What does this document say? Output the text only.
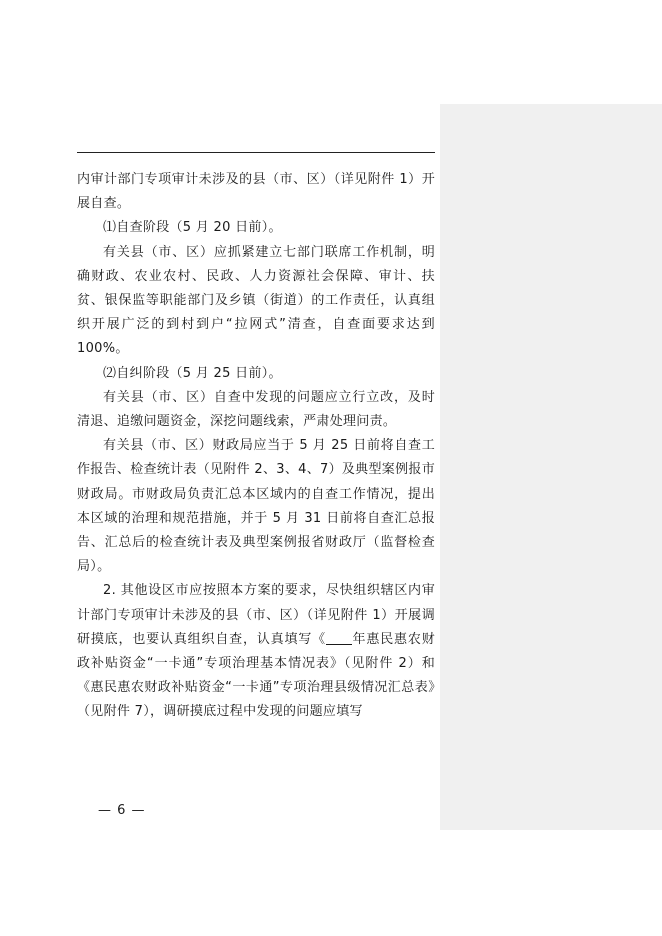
内审计部门专项审计未涉及的县（市、区）（详见附件 1）开展自查。

⑴自查阶段（5 月 20 日前）。

有关县（市、区）应抓紧建立七部门联席工作机制，明确财政、农业农村、民政、人力资源社会保障、审计、扶贫、银保监等职能部门及乡镇（街道）的工作责任，认真组织开展广泛的到村到户“拉网式”清查，自查面要求达到 100%。

⑵自纠阶段（5 月 25 日前）。

有关县（市、区）自查中发现的问题应立行立改，及时清退、追缴问题资金，深挖问题线索，严肃处理问责。

有关县（市、区）财政局应当于 5 月 25 日前将自查工作报告、检查统计表（见附件 2、3、4、7）及典型案例报市财政局。市财政局负责汇总本区域内的自查工作情况，提出本区域的治理和规范措施，并于 5 月 31 日前将自查汇总报告、汇总后的检查统计表及典型案例报省财政厅（监督检查局）。

2. 其他设区市应按照本方案的要求，尽快组织辖区内审计部门专项审计未涉及的县（市、区）（详见附件 1）开展调研摸底，也要认真组织自查，认真填写《 年惠民惠农财政补贴资金“一卡通”专项治理基本情况表》（见附件 2）和《惠民惠农财政补贴资金“一卡通”专项治理县级情况汇总表》（见附件 7），调研摸底过程中发现的问题应填写

— 6 —
